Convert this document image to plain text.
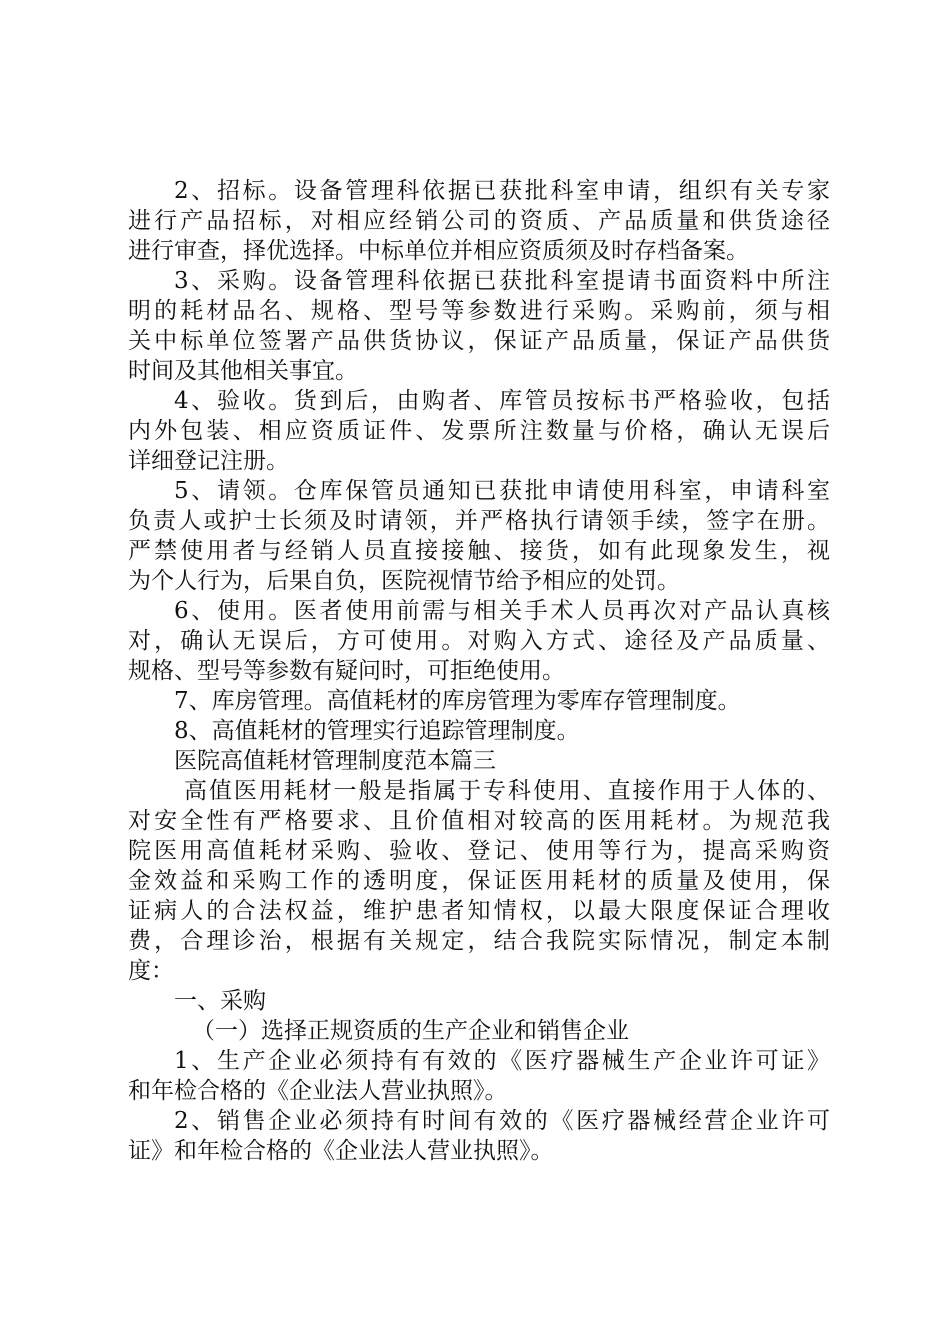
2、招标。设备管理科依据已获批科室申请，组织有关专家
进行产品招标，对相应经销公司的资质、产品质量和供货途径
进行审查，择优选择。中标单位并相应资质须及时存档备案。
3、采购。设备管理科依据已获批科室提请书面资料中所注
明的耗材品名、规格、型号等参数进行采购。采购前，须与相
关中标单位签署产品供货协议，保证产品质量，保证产品供货
时间及其他相关事宜。
4、验收。货到后，由购者、库管员按标书严格验收，包括
内外包装、相应资质证件、发票所注数量与价格，确认无误后
详细登记注册。
5、请领。仓库保管员通知已获批申请使用科室，申请科室
负责人或护士长须及时请领，并严格执行请领手续，签字在册。
严禁使用者与经销人员直接接触、接货，如有此现象发生，视
为个人行为，后果自负，医院视情节给予相应的处罚。
6、使用。医者使用前需与相关手术人员再次对产品认真核
对，确认无误后，方可使用。对购入方式、途径及产品质量、
规格、型号等参数有疑问时，可拒绝使用。
7、库房管理。高值耗材的库房管理为零库存管理制度。
8、高值耗材的管理实行追踪管理制度。
医院高值耗材管理制度范本篇三
高值医用耗材一般是指属于专科使用、直接作用于人体的、
对安全性有严格要求、且价值相对较高的医用耗材。为规范我
院医用高值耗材采购、验收、登记、使用等行为，提高采购资
金效益和采购工作的透明度，保证医用耗材的质量及使用，保
证病人的合法权益，维护患者知情权，以最大限度保证合理收
费，合理诊治，根据有关规定，结合我院实际情况，制定本制
度：
一、采购
（一）选择正规资质的生产企业和销售企业
1、生产企业必须持有有效的《医疗器械生产企业许可证》
和年检合格的《企业法人营业执照》。
2、销售企业必须持有时间有效的《医疗器械经营企业许可
证》和年检合格的《企业法人营业执照》。
